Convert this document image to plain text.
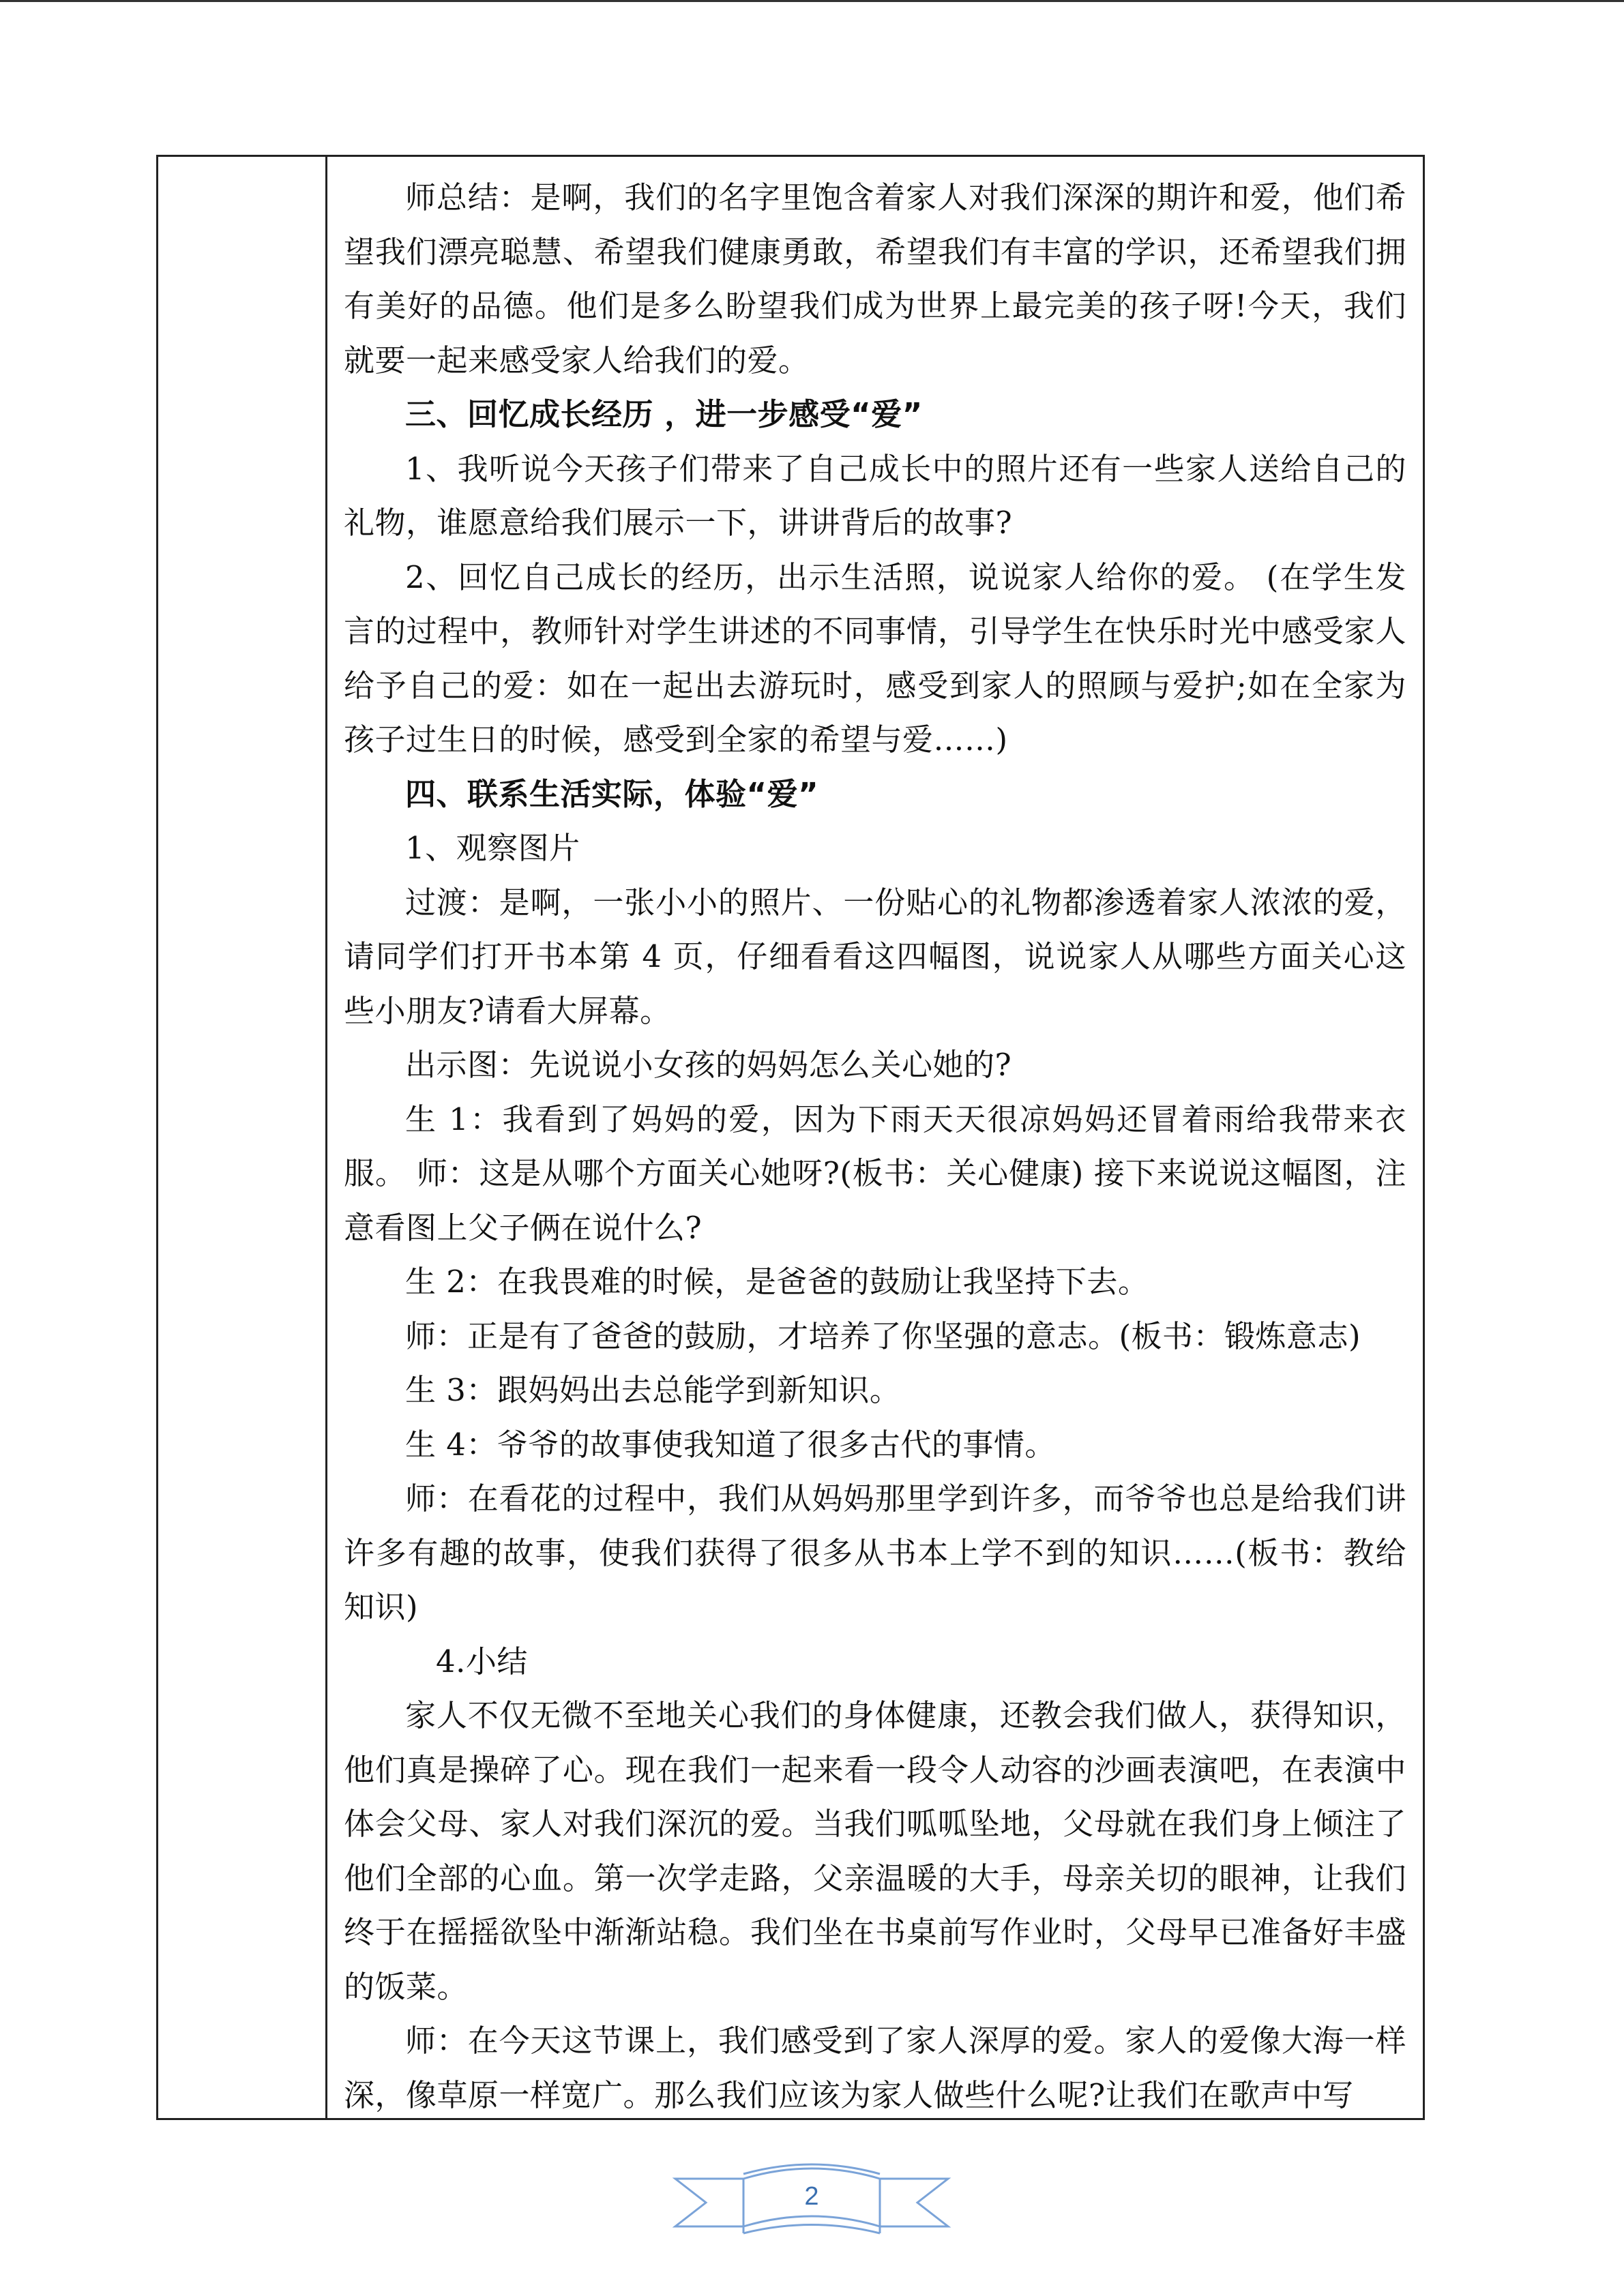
师总结：是啊，我们的名字里饱含着家人对我们深深的期许和爱，他们希望我们漂亮聪慧、希望我们健康勇敢，希望我们有丰富的学识，还希望我们拥有美好的品德。他们是多么盼望我们成为世界上最完美的孩子呀!今天，我们就要一起来感受家人给我们的爱。

三、回忆成长经历 ，进一步感受“爱”

1、我听说今天孩子们带来了自己成长中的照片还有一些家人送给自己的礼物，谁愿意给我们展示一下，讲讲背后的故事?

2、回忆自己成长的经历，出示生活照，说说家人给你的爱。 (在学生发言的过程中，教师针对学生讲述的不同事情，引导学生在快乐时光中感受家人给予自己的爱：如在一起出去游玩时，感受到家人的照顾与爱护;如在全家为孩子过生日的时候，感受到全家的希望与爱……)

四、联系生活实际，体验“爱”

1、观察图片

过渡：是啊，一张小小的照片、一份贴心的礼物都渗透着家人浓浓的爱，请同学们打开书本第 4 页，仔细看看这四幅图，说说家人从哪些方面关心这些小朋友?请看大屏幕。

出示图：先说说小女孩的妈妈怎么关心她的?

生 1：我看到了妈妈的爱，因为下雨天天很凉妈妈还冒着雨给我带来衣服。 师：这是从哪个方面关心她呀?(板书：关心健康) 接下来说说这幅图，注意看图上父子俩在说什么?

生 2：在我畏难的时候，是爸爸的鼓励让我坚持下去。

师：正是有了爸爸的鼓励，才培养了你坚强的意志。(板书：锻炼意志)

生 3：跟妈妈出去总能学到新知识。

生 4：爷爷的故事使我知道了很多古代的事情。

师：在看花的过程中，我们从妈妈那里学到许多，而爷爷也总是给我们讲许多有趣的故事，使我们获得了很多从书本上学不到的知识……(板书：教给知识)

4.小结

家人不仅无微不至地关心我们的身体健康，还教会我们做人，获得知识，他们真是操碎了心。现在我们一起来看一段令人动容的沙画表演吧，在表演中体会父母、家人对我们深沉的爱。当我们呱呱坠地，父母就在我们身上倾注了他们全部的心血。第一次学走路，父亲温暖的大手，母亲关切的眼神，让我们终于在摇摇欲坠中渐渐站稳。我们坐在书桌前写作业时，父母早已准备好丰盛的饭菜。

师：在今天这节课上，我们感受到了家人深厚的爱。家人的爱像大海一样深，像草原一样宽广。那么我们应该为家人做些什么呢?让我们在歌声中写

2
